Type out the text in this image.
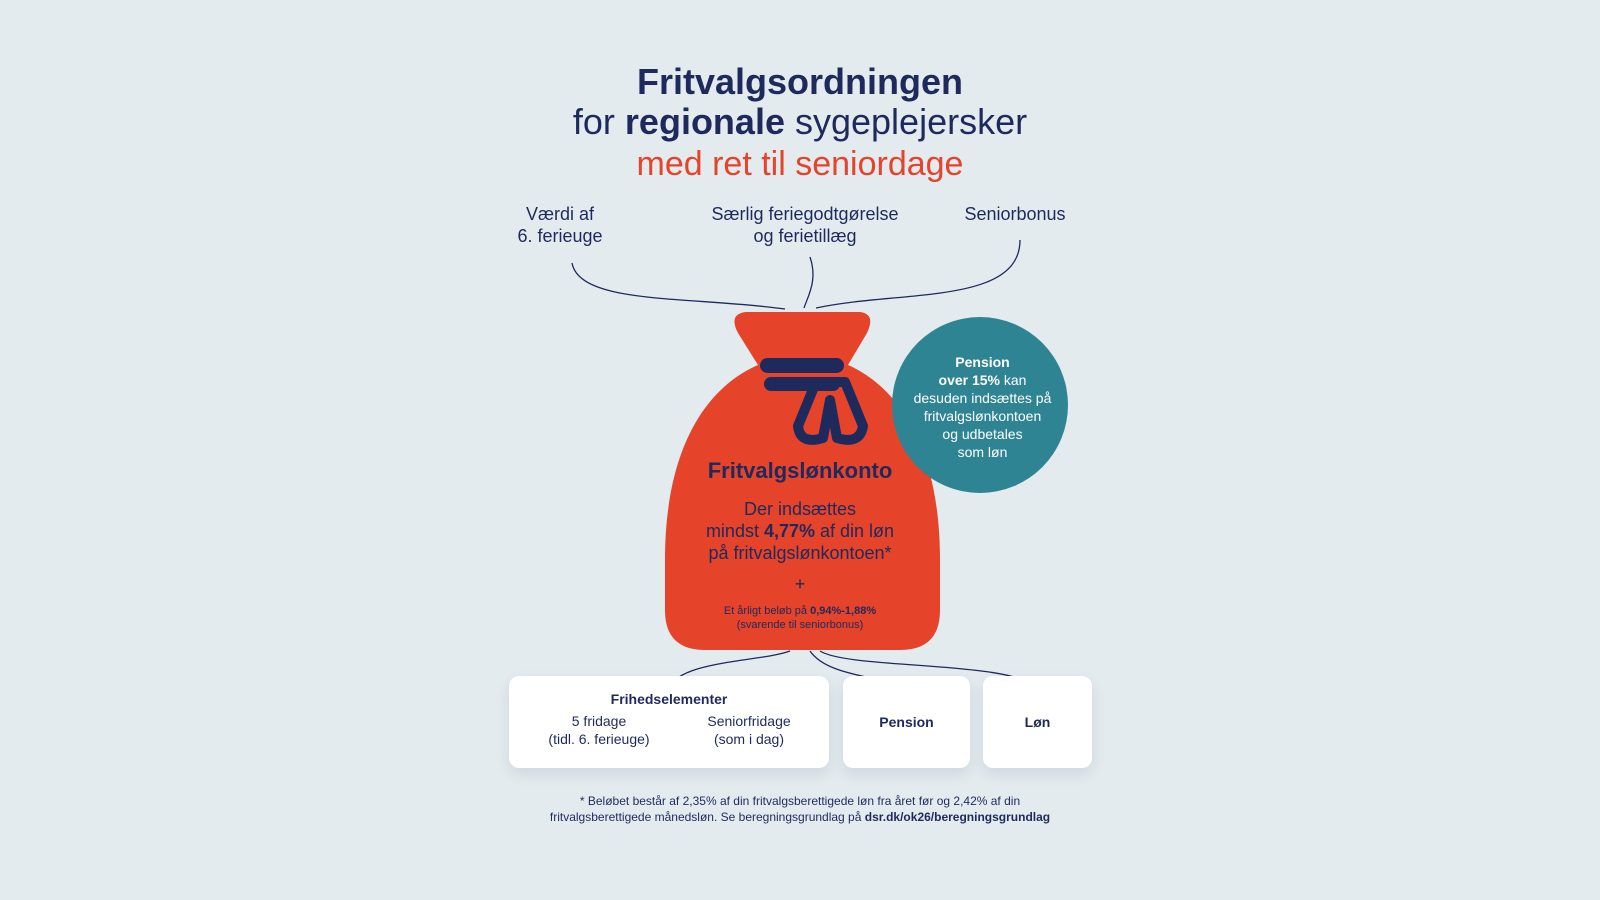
Fritvalgsordningen
for regionale sygeplejersker
med ret til seniordage
Værdi af
6. ferieuge
Særlig feriegodtgørelse
og ferietillæg
Seniorbonus
Fritvalgslønkonto
Der indsættes
mindst 4,77% af din løn
på fritvalgslønkontoen*
+
Et årligt beløb på 0,94%-1,88%
(svarende til seniorbonus)
Pension
over 15% kan
desuden indsættes på
fritvalgslønkontoen
og udbetales
som løn
Frihedselementer
5 fridage
(tidl. 6. ferieuge)
Seniorfridage
(som i dag)
Pension	Løn
* Beløbet består af 2,35% af din fritvalgsberettigede løn fra året før og 2,42% af din
fritvalgsberettigede månedsløn. Se beregningsgrundlag på dsr.dk/ok26/beregningsgrundlag
